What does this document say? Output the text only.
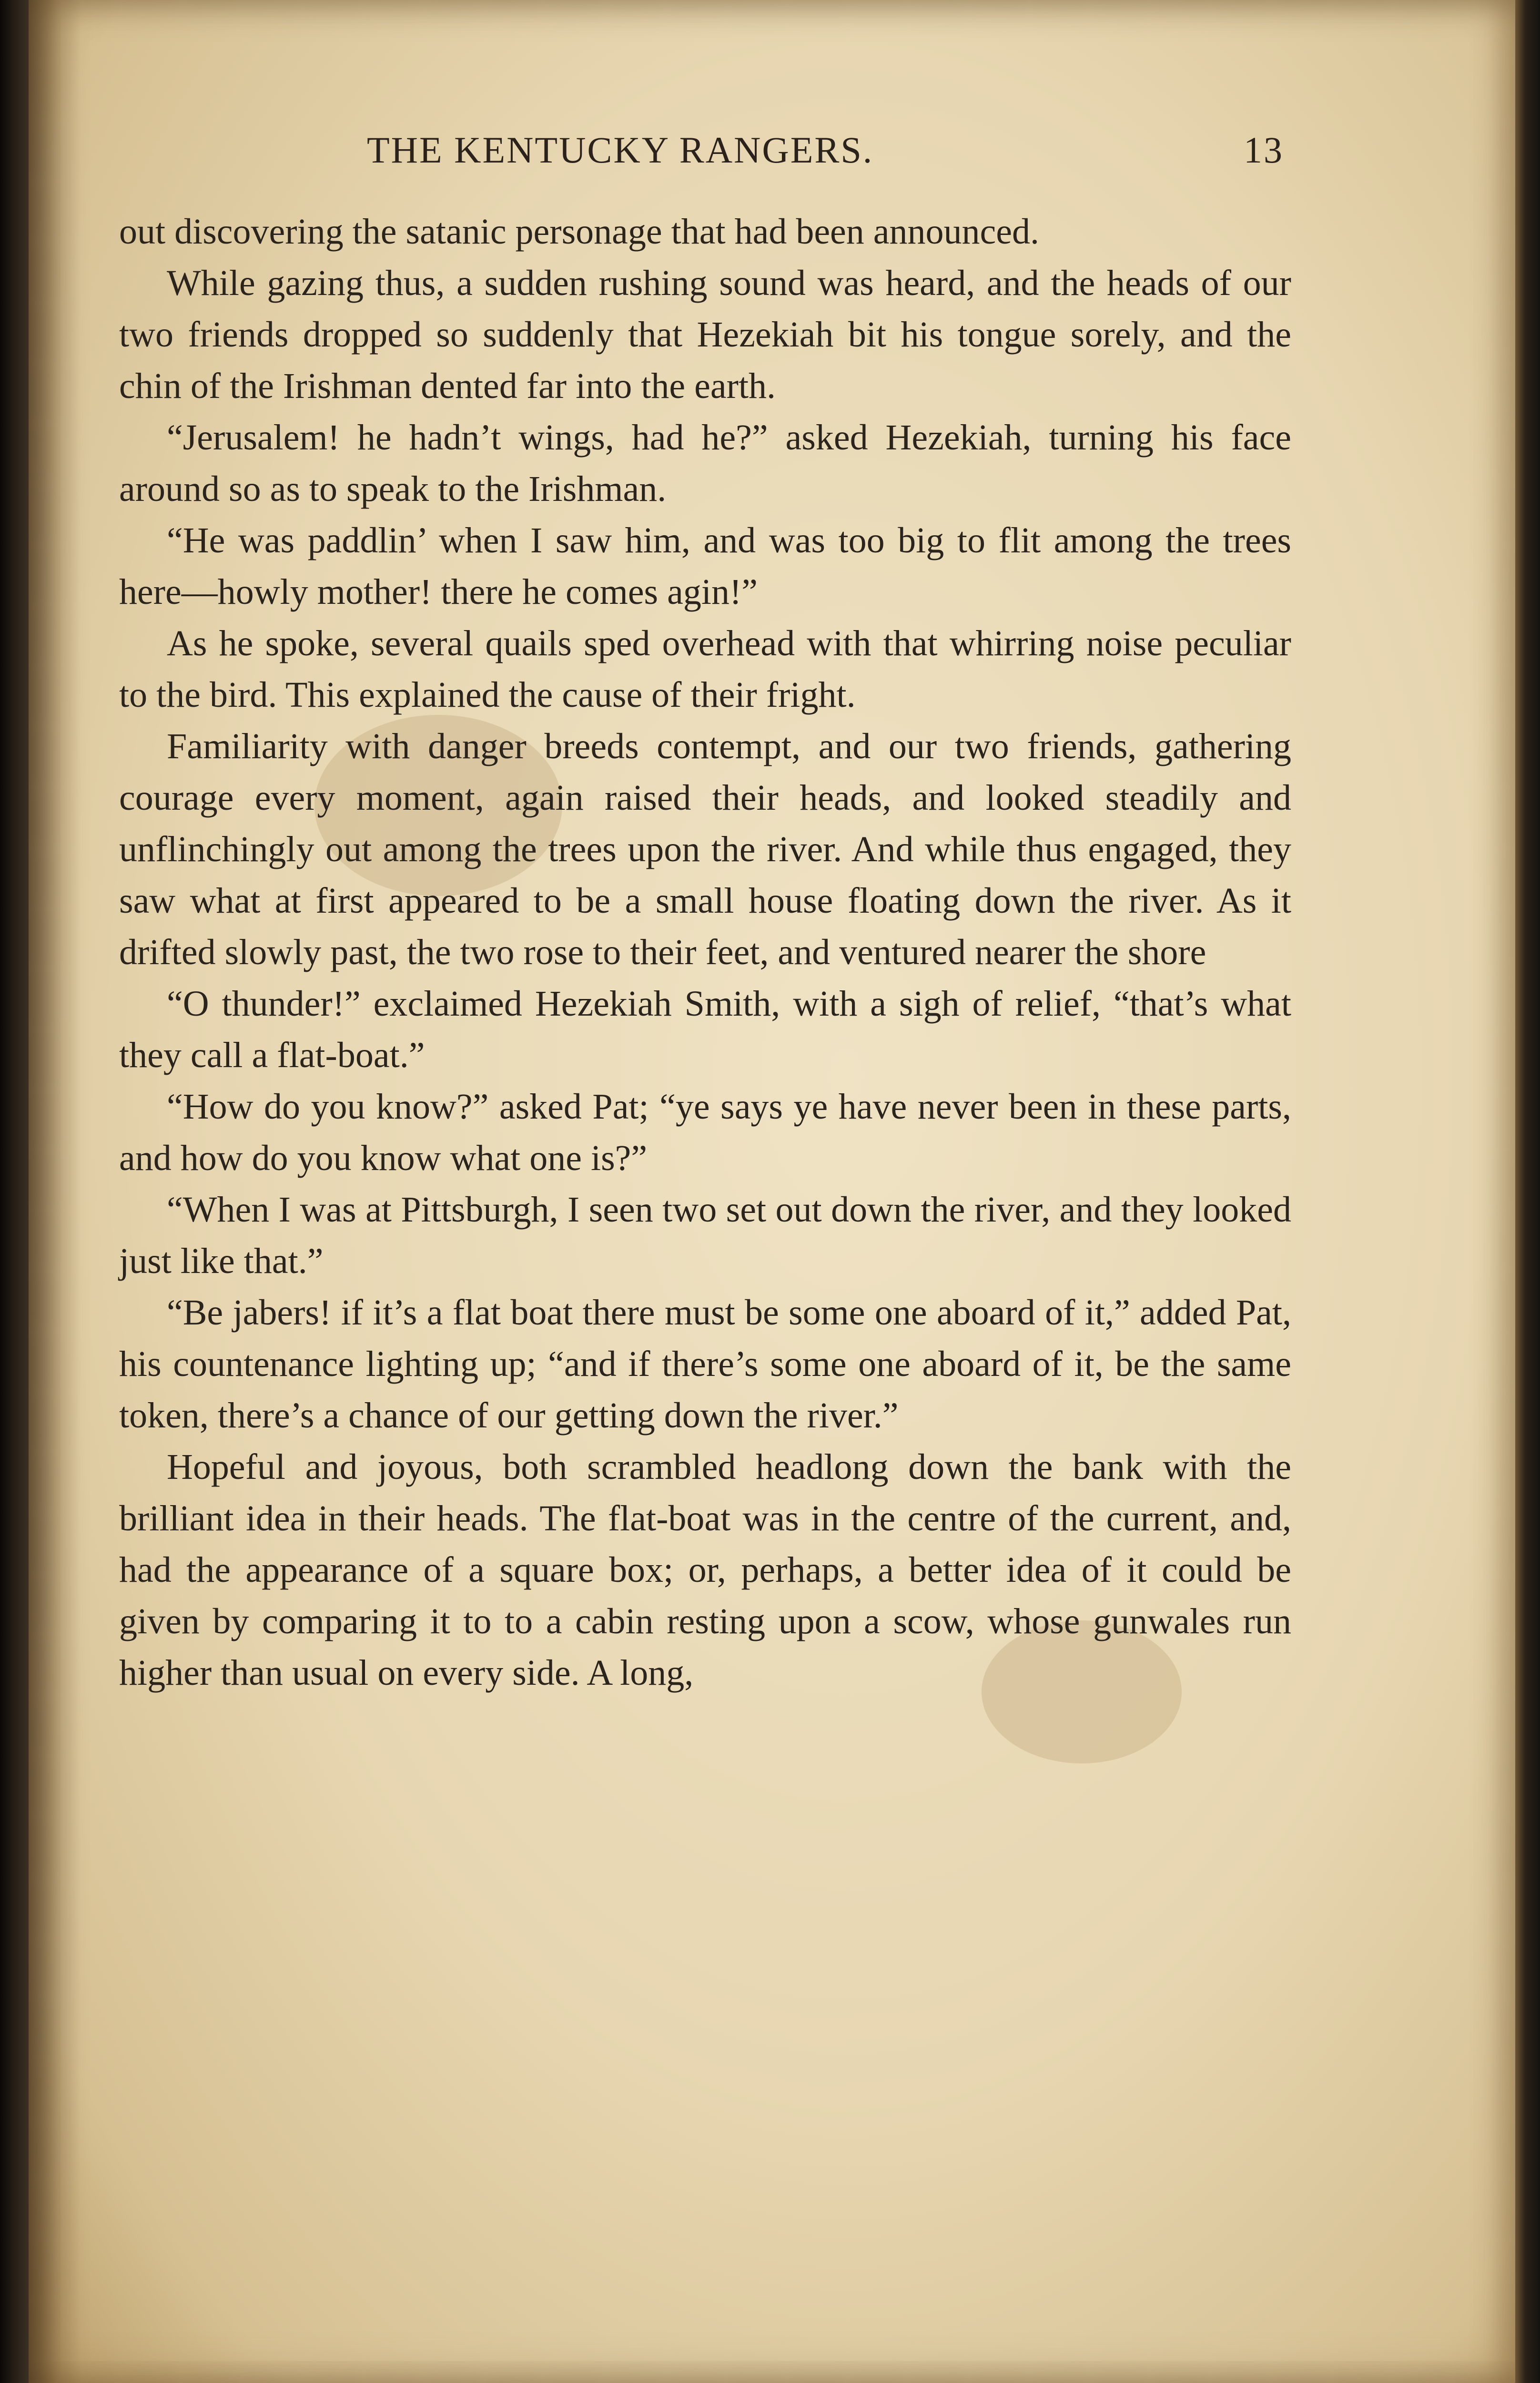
THE KENTUCKY RANGERS.	13

out discovering the satanic personage that had been announced.

While gazing thus, a sudden rushing sound was heard, and the heads of our two friends dropped so suddenly that Hezekiah bit his tongue sorely, and the chin of the Irishman dented far into the earth.

“Jerusalem! he hadn’t wings, had he?” asked Hezekiah, turning his face around so as to speak to the Irishman.

“He was paddlin’ when I saw him, and was too big to flit among the trees here—howly mother! there he comes agin!”

As he spoke, several quails sped overhead with that whirring noise peculiar to the bird. This explained the cause of their fright.

Familiarity with danger breeds contempt, and our two friends, gathering courage every moment, again raised their heads, and looked steadily and unflinchingly out among the trees upon the river. And while thus engaged, they saw what at first appeared to be a small house floating down the river. As it drifted slowly past, the two rose to their feet, and ventured nearer the shore

“O thunder!” exclaimed Hezekiah Smith, with a sigh of relief, “that’s what they call a flat-boat.”

“How do you know?” asked Pat; “ye says ye have never been in these parts, and how do you know what one is?”

“When I was at Pittsburgh, I seen two set out down the river, and they looked just like that.”

“Be jabers! if it’s a flat boat there must be some one aboard of it,” added Pat, his countenance lighting up; “and if there’s some one aboard of it, be the same token, there’s a chance of our getting down the river.”

Hopeful and joyous, both scrambled headlong down the bank with the brilliant idea in their heads. The flat-boat was in the centre of the current, and, had the appearance of a square box; or, perhaps, a better idea of it could be given by comparing it to to a cabin resting upon a scow, whose gunwales run higher than usual on every side. A long,
